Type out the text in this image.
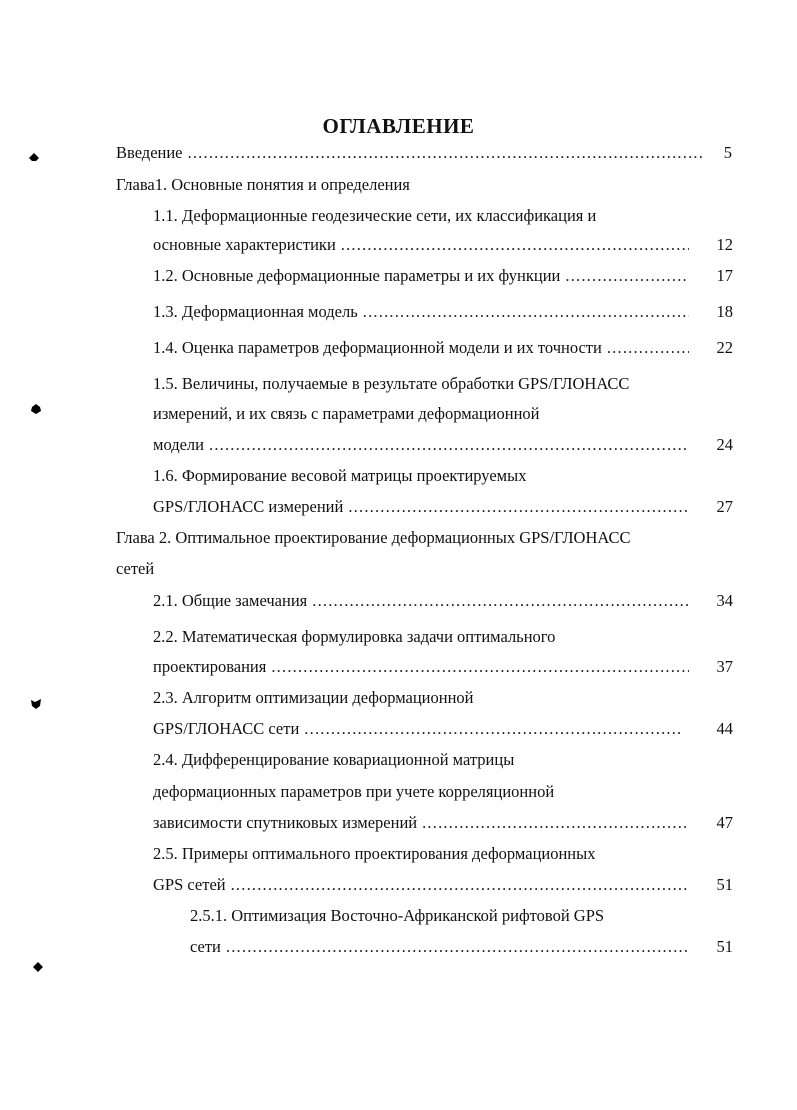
ОГЛАВЛЕНИЕ
Введение .....	5
Глава1. Основные понятия и определения
1.1. Деформационные геодезические сети, их классификация и
основные характеристики .....	12
1.2. Основные деформационные параметры и их функции .....	17
1.3. Деформационная модель .....	18
1.4. Оценка параметров деформационной модели и их точности .....	22
1.5. Величины, получаемые в результате обработки GPS/ГЛОНАСС
измерений, и их связь с параметрами деформационной
модели .....	24
1.6. Формирование весовой матрицы проектируемых
GPS/ГЛОНАСС измерений .....	27
Глава 2. Оптимальное проектирование деформационных GPS/ГЛОНАСС
сетей
2.1. Общие замечания .....	34
2.2. Математическая формулировка задачи оптимального
проектирования .....	37
2.3. Алгоритм оптимизации деформационной
GPS/ГЛОНАСС сети .....	44
2.4. Дифференцирование ковариационной матрицы
деформационных параметров при учете корреляционной
зависимости спутниковых измерений .....	47
2.5. Примеры оптимального проектирования деформационных
GPS сетей .....	51
2.5.1. Оптимизация Восточно-Африканской рифтовой GPS
сети .....	51
